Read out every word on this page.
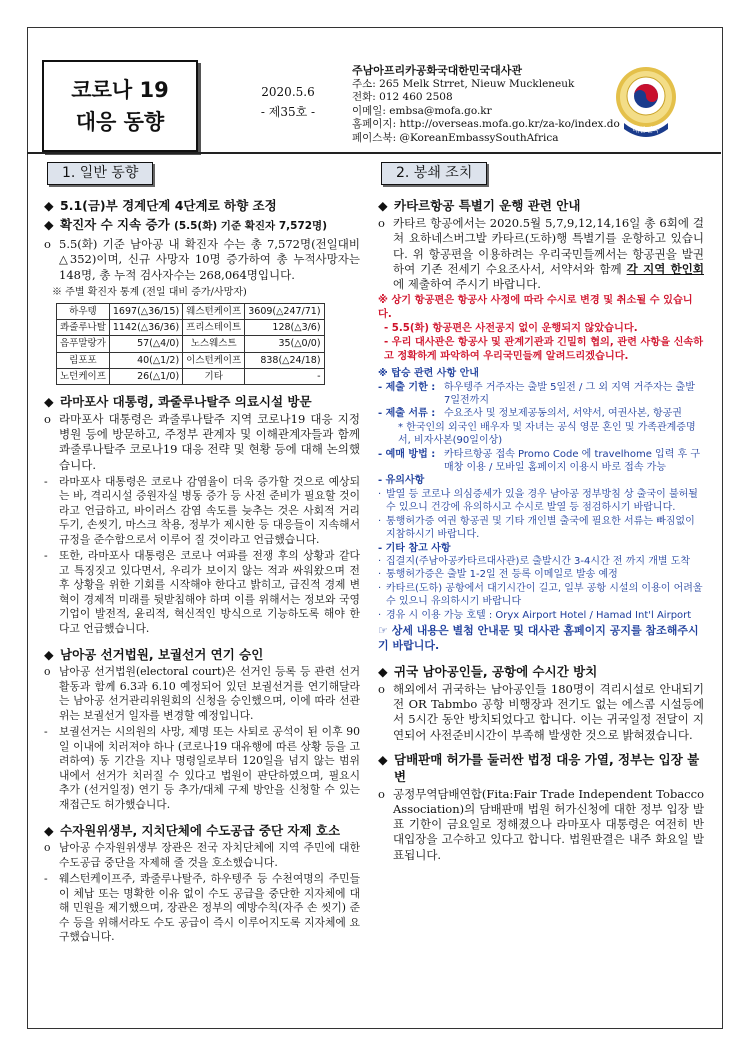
코로나 19
대응 동향
2020.5.6
- 제35호 -
주남아프리카공화국대한민국대사관
주소: 265 Melk Strret, Nieuw Muckleneuk
전화: 012 460 2508
이메일: embsa@mofa.go.kr
홈페이지: http://overseas.mofa.go.kr/za-ko/index.do
페이스북: @KoreanEmbassySouthAfrica
대한민국
1. 일반 동향
◆ 5.1(금)부 경계단계 4단계로 하향 조정
◆ 확진자 수 지속 증가 (5.5(화) 기준 확진자 7,572명)
o 5.5(화) 기준 남아공 내 확진자 수는 총 7,572명(전일대비 △352)이며, 신규 사망자 10명 증가하여 총 누적사망자는 148명, 총 누적 검사자수는 268,064명입니다.
※ 주별 확진자 통계 (전일 대비 증가/사망자)
하우텡	1697(△36/15)	웨스턴케이프	3609(△247/71)
콰줄루나탈	1142(△36/36)	프리스테이트	128(△3/6)
음푸말랑가	57(△4/0)	노스웨스트	35(△0/0)
림포포	40(△1/2)	이스턴케이프	838(△24/18)
노던케이프	26(△1/0)	기타	-
◆ 라마포사 대통령, 콰줄루나탈주 의료시설 방문
o 라마포사 대통령은 콰줄루나탈주 지역 코로나19 대응 지정병원 등에 방문하고, 주정부 관계자 및 이해관계자들과 함께 콰줄루나탈주 코로나19 대응 전략 및 현황 등에 대해 논의했습니다.
-	라마포사 대통령은 코로나 감염율이 더욱 증가할 것으로 예상되는 바, 격리시설 증원자실 병동 증가 등 사전 준비가 필요할 것이라고 언급하고, 바이러스 감염 속도를 늦추는 것은 사회적 거리두기, 손씻기, 마스크 착용, 정부가 제시한 등 대응들이 지속해서 규정을 준수함으로서 이루어 질 것이라고 언급했습니다.
-	또한, 라마포사 대통령은 코로나 여파를 전쟁 후의 상황과 같다고 특징짓고 있다면서, 우리가 보이지 않는 적과 싸워왔으며 전후 상황을 위한 기회를 시작해야 한다고 밝히고, 급진적 경제 변혁이 경제적 미래를 뒷받침해야 하며 이를 위해서는 정보와 국영기업이 발전적, 윤리적, 혁신적인 방식으로 기능하도록 해야 한다고 언급했습니다.
◆ 남아공 선거법원, 보궐선거 연기 승인
o 남아공 선거법원(electoral court)은 선거인 등록 등 관련 선거활동과 함께 6.3과 6.10 예정되어 있던 보궐선거를 연기해달라는 남아공 선거관리위원회의 신청을 승인했으며, 이에 따라 선관위는 보궐선거 일자를 변경할 예정입니다.
-	보궐선거는 시의원의 사망, 제명 또는 사퇴로 공석이 된 이후 90일 이내에 치러져야 하나 (코로나19 대유행에 따른 상황 등을 고려하여) 동 기간을 지나 명령일로부터 120일을 넘지 않는 범위 내에서 선거가 치러질 수 있다고 법원이 판단하였으며, 필요시 추가 (선거일정) 연기 등 추가/대체 구제 방안을 신청할 수 있는 재접근도 허가했습니다.
◆ 수자원위생부, 지치단체에 수도공급 중단 자제 호소
o 남아공 수자원위생부 장관은 전국 자치단체에 지역 주민에 대한 수도공급 중단을 자제해 줄 것을 호소했습니다.
-	웨스턴케이프주, 콰줄루나탈주, 하우텡주 등 수천여명의 주민들이 체납 또는 명확한 이유 없이 수도 공급을 중단한 지자체에 대해 민원을 제기했으며, 장관은 정부의 예방수칙(자주 손 씻기) 준수 등을 위해서라도 수도 공급이 즉시 이루어지도록 지자체에 요구했습니다.
2. 봉쇄 조치
◆ 카타르항공 특별기 운행 관련 안내
o 카타르 항공에서는 2020.5월 5,7,9,12,14,16일 총 6회에 걸쳐 요하네스버그발 카타르(도하)행 특별기를 운항하고 있습니다. 위 항공편을 이용하려는 우리국민들께서는 항공권을 발권하여 기존 전세기 수요조사서, 서약서와 함께 각 지역 한인회에 제출하여 주시기 바랍니다.
※ 상기 항공편은 항공사 사정에 따라 수시로 변경 및 취소될 수 있습니다.
- 5.5(화) 항공편은 사전공지 없이 운행되지 않았습니다.
- 우리 대사관은 항공사 및 관계기관과 긴밀히 협의, 관련 사항을 신속하고 정확하게 파악하여 우리국민들께 알려드리겠습니다.
※ 탑승 관련 사항 안내
- 제출 기한 : 하우텡주 거주자는 출발 5일전 / 그 외 지역 거주자는 출발 7일전까지
- 제출 서류 : 수요조사 및 정보제공동의서, 서약서, 여권사본, 항공권
* 한국인의 외국인 배우자 및 자녀는 공식 영문 혼인 및 가족관계증명서, 비자사본(90일이상)
- 예매 방법 : 카타르항공 접속 Promo Code 에 travelhome 입력 후 구매창 이용 / 모바일 홈페이지 이용시 바로 접속 가능
- 유의사항
· 발열 등 코로나 의심증세가 있을 경우 남아공 정부방침 상 출국이 불허될 수 있으니 건강에 유의하시고 수시로 발열 등 점검하시기 바랍니다.
· 통행허가증 여권 항공권 및 기타 개인별 출국에 필요한 서류는 빠짐없이 지참하시기 바랍니다.
- 기타 참고 사항
· 집결지(주남아공카타르대사관)로 출발시간 3-4시간 전 까지 개별 도착
· 통행허가증은 출발 1-2일 전 등록 이메일로 발송 예정
· 카타르(도하) 공항에서 대기시간이 길고, 일부 공항 시설의 이용이 어려울 수 있으니 유의하시기 바랍니다
· 경유 시 이용 가능 호텔 : Oryx Airport Hotel / Hamad Int'l Airport
☞ 상세 내용은 별첨 안내문 및 대사관 홈페이지 공지를 참조해주시기 바랍니다.
◆ 귀국 남아공인들, 공항에 수시간 방치
o 해외에서 귀국하는 남아공인들 180명이 격리시설로 안내되기 전 OR Tabmbo 공항 비행장과 전기도 없는 에스콤 시설등에서 5시간 동안 방치되었다고 합니다. 이는 귀국일정 전달이 지연되어 사전준비시간이 부족해 발생한 것으로 밝혀졌습니다.
◆ 담배판매 허가를 둘러싼 법정 대응 가열, 정부는 입장 불변
o 공정무역담배연합(Fita:Fair Trade Independent Tobacco Association)의 담배판매 법원 허가신청에 대한 정부 입장 발표 기한이 금요일로 정해졌으나 라마포사 대통령은 여전히 반대입장을 고수하고 있다고 합니다. 법원판결은 내주 화요일 발표됩니다.
